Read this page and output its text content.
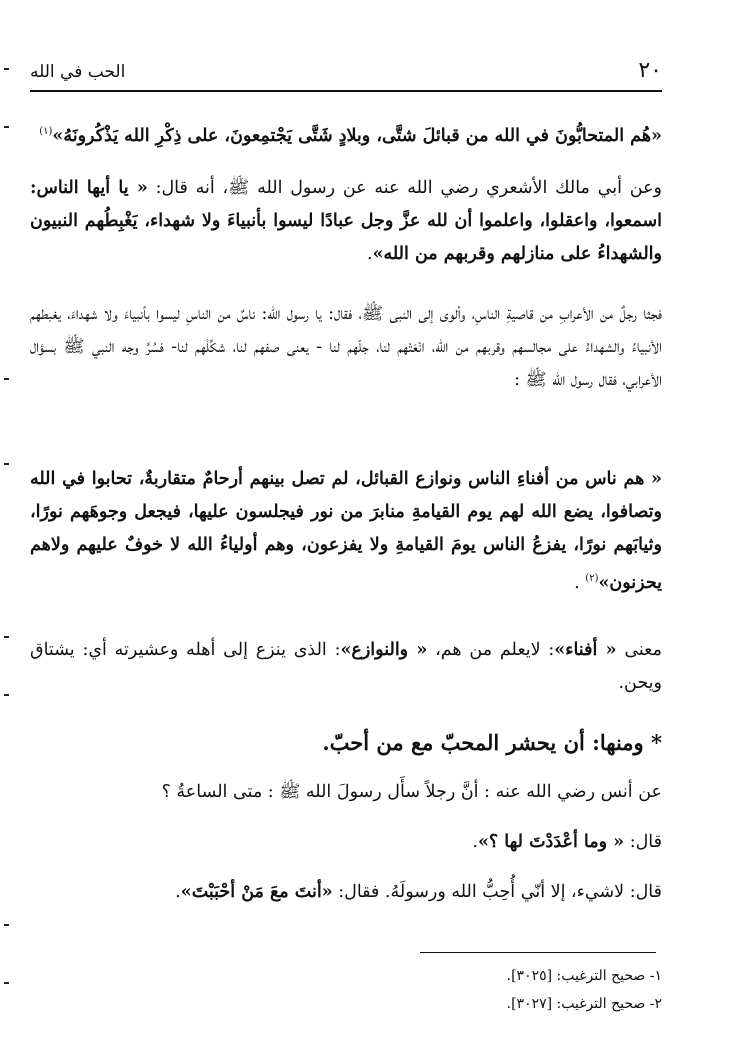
٢٠
الحب في الله
«هُم المتحابُّونَ في الله من قبائلَ شتَّى، وبلادٍ شَتَّى يَجْتمِعونَ، على ذِكْرِ الله يَذْكُرونَهُ»$^{(١)}$
وعن أبي مالك الأشعري رضي الله عنه عن رسول الله ﷺ، أنه قال: « يا أيها الناس: اسمعوا، واعقلوا، واعلموا أن لله عزَّ وجل عبادًا ليسوا بأنبياءَ ولا شهداء، يَغْبِطُهم النبيون والشهداءُ على منازلهم وقربهم من الله».
فجثا رجلٌ من الأعرابِ من قاصيةِ الناسِ، وألوى إلى النبى ﷺ، فقال: يا رسول الله: ناسٌ من الناسِ ليسوا بأنبياءَ ولا شهداءَ، يغبطهم الأنبياءُ والشهداءُ على مجالسهم وقربهم من الله، انْعَتْهم لنا، جلّهم لنا - يعنى صفهم لنا، شكِّلْهم لنا- فسُرَّ وجه النبي ﷺ بسؤال الأعرابي، فقال رسول الله ﷺ :
« هم ناس من أفناءِ الناس ونوازع القبائل، لم تصل بينهم أرحامٌ متقاربةٌ، تحابوا في الله وتصافوا، يضع الله لهم يوم القيامةِ منابرَ من نور فيجلسون عليها، فيجعل وجوهَهم نورًا، وثيابَهم نورًا، يفزعُ الناس يومَ القيامةِ ولا يفزعون، وهم أولياءُ الله لا خوفٌ عليهم ولاهم يحزنون»$^{(٢)}$ .
معنى « أفناء»: لايعلم من هم، « والنوازع»: الذى ينزع إلى أهله وعشيرته أي: يشتاق ويحن.
* ومنها: أن يحشر المحبّ مع من أحبّ.
عن أنس رضي الله عنه : أنَّ رجلاً سأَل رسولَ الله ﷺ : متى الساعةُ ؟
قال: « وما أعْدَدْتَ لها ؟».
قال: لاشيء، إلا أنّي أُحِبُّ الله ورسولَهُ. فقال: «أنتَ معَ مَنْ أحْبَبْتَ».
١- صحيح الترغيب: [٣٠٢٥].
٢- صحيح الترغيب: [٣٠٢٧].
